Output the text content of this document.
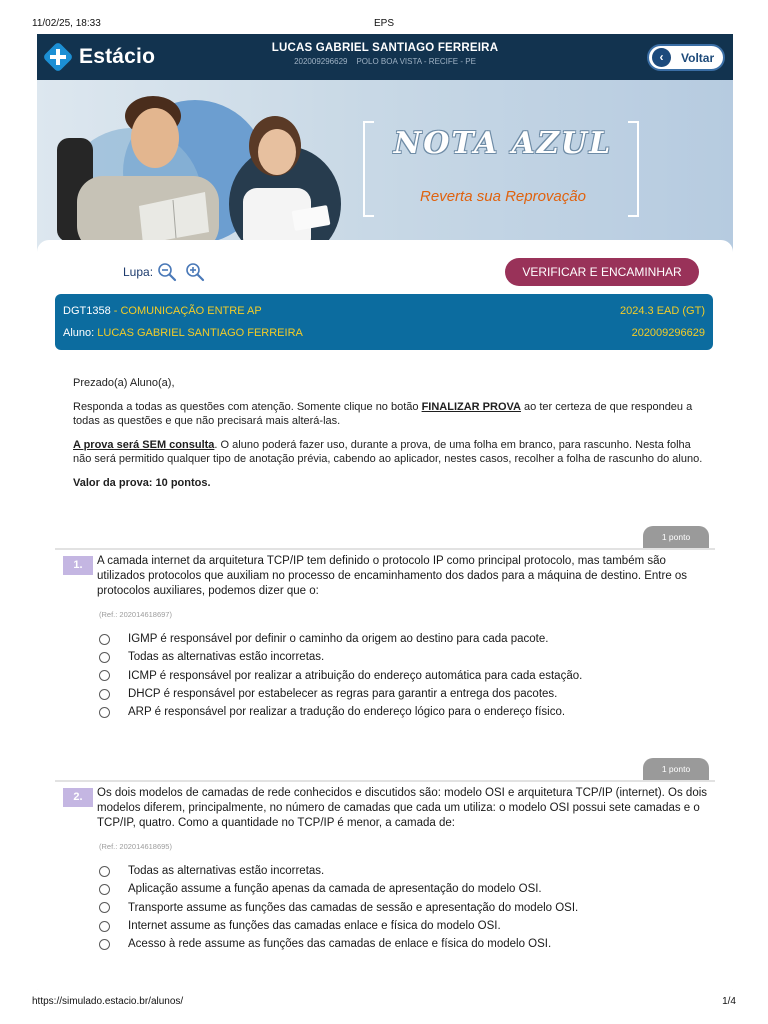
11/02/25, 18:33	EPS
Estácio	LUCAS GABRIEL SANTIAGO FERREIRA
202009296629 POLO BOA VISTA - RECIFE - PE	‹	Voltar
NOTA AZUL
Reverta sua Reprovação
Lupa:	VERIFICAR E ENCAMINHAR
DGT1358 - COMUNICAÇÃO ENTRE AP	2024.3 EAD (GT)
Aluno: LUCAS GABRIEL SANTIAGO FERREIRA	202009296629

Prezado(a) Aluno(a),

Responda a todas as questões com atenção. Somente clique no botão FINALIZAR PROVA ao ter certeza de que respondeu a todas as questões e que não precisará mais alterá-las.

A prova será SEM consulta. O aluno poderá fazer uso, durante a prova, de uma folha em branco, para rascunho. Nesta folha não será permitido qualquer tipo de anotação prévia, cabendo ao aplicador, nestes casos, recolher a folha de rascunho do aluno.

Valor da prova: 10 pontos.

1 ponto
1.	A camada internet da arquitetura TCP/IP tem definido o protocolo IP como principal protocolo, mas também são utilizados protocolos que auxiliam no processo de encaminhamento dos dados para a máquina de destino. Entre os protocolos auxiliares, podemos dizer que o:
(Ref.: 202014618697)
IGMP é responsável por definir o caminho da origem ao destino para cada pacote.
Todas as alternativas estão incorretas.
ICMP é responsável por realizar a atribuição do endereço automática para cada estação.
DHCP é responsável por estabelecer as regras para garantir a entrega dos pacotes.
ARP é responsável por realizar a tradução do endereço lógico para o endereço físico.
1 ponto
2.	Os dois modelos de camadas de rede conhecidos e discutidos são: modelo OSI e arquitetura TCP/IP (internet). Os dois modelos diferem, principalmente, no número de camadas que cada um utiliza: o modelo OSI possui sete camadas e o TCP/IP, quatro. Como a quantidade no TCP/IP é menor, a camada de:
(Ref.: 202014618695)
Todas as alternativas estão incorretas.
Aplicação assume a função apenas da camada de apresentação do modelo OSI.
Transporte assume as funções das camadas de sessão e apresentação do modelo OSI.
Internet assume as funções das camadas enlace e física do modelo OSI.
Acesso à rede assume as funções das camadas de enlace e física do modelo OSI.
https://simulado.estacio.br/alunos/	1/4
